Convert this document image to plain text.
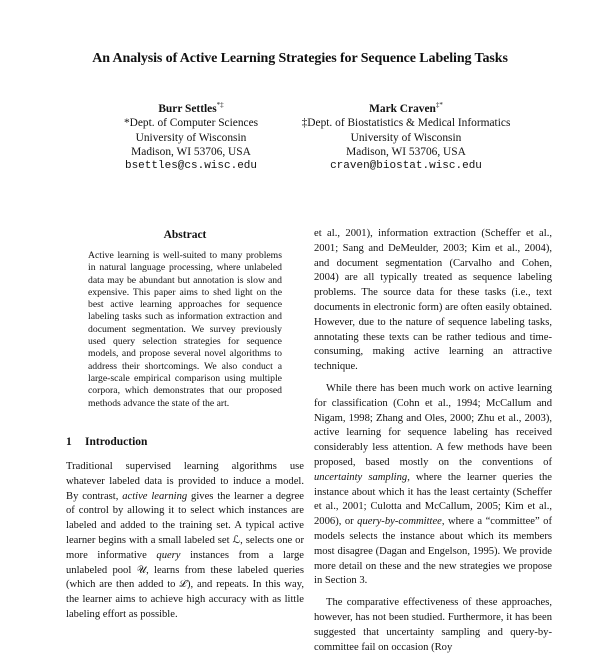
An Analysis of Active Learning Strategies for Sequence Labeling Tasks
Burr Settles*‡
*Dept. of Computer Sciences
University of Wisconsin
Madison, WI 53706, USA
bsettles@cs.wisc.edu
Mark Craven‡*
‡Dept. of Biostatistics & Medical Informatics
University of Wisconsin
Madison, WI 53706, USA
craven@biostat.wisc.edu
Abstract
Active learning is well-suited to many problems in natural language processing, where unlabeled data may be abundant but annotation is slow and expensive. This paper aims to shed light on the best active learning approaches for sequence labeling tasks such as information extraction and document segmentation. We survey previously used query selection strategies for sequence models, and propose several novel algorithms to address their shortcomings. We also conduct a large-scale empirical comparison using multiple corpora, which demonstrates that our proposed methods advance the state of the art.
1 Introduction

Traditional supervised learning algorithms use whatever labeled data is provided to induce a model. By contrast, active learning gives the learner a degree of control by allowing it to select which instances are labeled and added to the training set. A typical active learner begins with a small labeled set ℒ, selects one or more informative query instances from a large unlabeled pool 𝒰, learns from these labeled queries (which are then added to ℒ), and repeats. In this way, the learner aims to achieve high accuracy with as little labeling effort as possible.

et al., 2001), information extraction (Scheffer et al., 2001; Sang and DeMeulder, 2003; Kim et al., 2004), and document segmentation (Carvalho and Cohen, 2004) are all typically treated as sequence labeling problems. The source data for these tasks (i.e., text documents in electronic form) are often easily obtained. However, due to the nature of sequence labeling tasks, annotating these texts can be rather tedious and time-consuming, making active learning an attractive technique.

While there has been much work on active learning for classification (Cohn et al., 1994; McCallum and Nigam, 1998; Zhang and Oles, 2000; Zhu et al., 2003), active learning for sequence labeling has received considerably less attention. A few methods have been proposed, based mostly on the conventions of uncertainty sampling, where the learner queries the instance about which it has the least certainty (Scheffer et al., 2001; Culotta and McCallum, 2005; Kim et al., 2006), or query-by-committee, where a “committee” of models selects the instance about which its members most disagree (Dagan and Engelson, 1995). We provide more detail on these and the new strategies we propose in Section 3.

The comparative effectiveness of these approaches, however, has not been studied. Furthermore, it has been suggested that uncertainty sampling and query-by-committee fail on occasion (Roy
